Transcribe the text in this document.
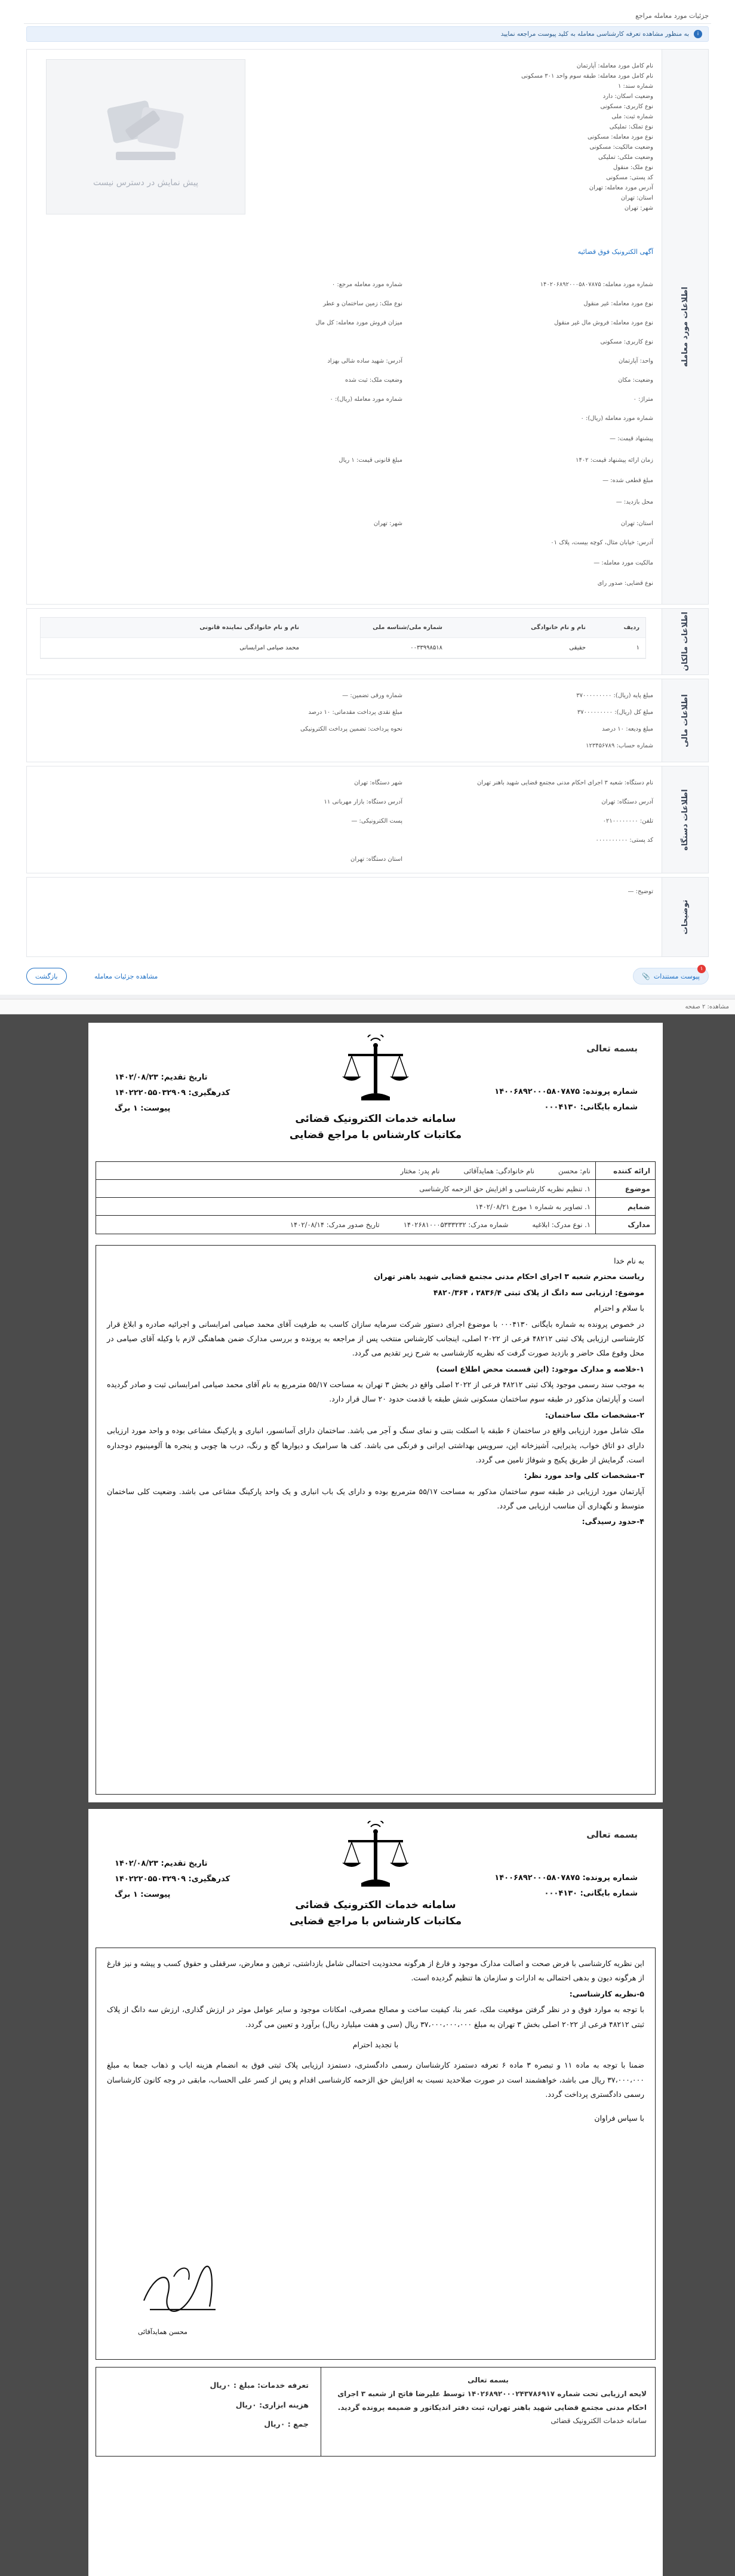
جزئیات مورد معامله مراجع
i
به منظور مشاهده تعرفه کارشناسی معامله به کلید پیوست مراجعه نمایید
اطلاعات مورد معامله
پیش نمایش در دسترس نیست
نام کامل مورد معامله: آپارتمان
نام کامل مورد معامله: طبقه سوم واحد ۳۰۱ مسکونی
شماره سند: ۱
وضعیت اسکان: دارد
نوع کاربری: مسکونی
شماره ثبت: ملی
نوع تملک: تملیکی
نوع مورد معامله: مسکونی
وضعیت مالکیت: مسکونی
وضعیت ملکی: تملیکی
نوع ملک: منقول
کد پستی: مسکونی
آدرس مورد معامله: تهران
استان: تهران
شهر: تهران
آگهی الکترونیک فوق قضائیه
شماره مورد معامله: ۱۴۰۲۰۶۸۹۲۰۰۰۵۸۰۷۸۷۵
نوع مورد معامله: غیر منقول
نوع مورد معامله: فروش مال غیر منقول
نوع کاربری: مسکونی
واحد: آپارتمان
وضعیت: مکان
متراژ: ۰
شماره مورد معامله (ریال): ۰
شماره مورد معامله مرجع: ۰
نوع ملک: زمین ساختمان و عطر
میزان فروش مورد معامله: کل مال
آدرس: شهید ساده شالی بهزاد
وضعیت ملک: ثبت شده
شماره مورد معامله (ریال): ۰
پیشنهاد قیمت: —
زمان ارائه پیشنهاد قیمت: ۱۴۰۲
مبلغ قطعی شده: —
محل بازدید: —
استان: تهران
آدرس: خیابان مثال، کوچه بیست، پلاک ۰۱
مالکیت مورد معامله: —
نوع قضایی: صدور رای
مبلغ قانونی قیمت: ۱ ریال
شهر: تهران
اطلاعات مالکان
ردیف
نام و نام خانوادگی
شماره ملی/شناسه ملی
نام و نام خانوادگی نماینده قانونی
۱
حقیقی
۰۰۳۳۹۹۸۵۱۸
محمد صیامی امرابسانی
اطلاعات مالی
مبلغ پایه (ریال): ۳۷۰۰۰۰۰۰۰۰۰
مبلغ کل (ریال): ۳۷۰۰۰۰۰۰۰۰۰
مبلغ ودیعه: ۱۰ درصد
شماره حساب: ۱۲۳۴۵۶۷۸۹
شماره ورقی تضمین: —
مبلغ نقدی پرداخت مقدماتی: ۱۰ درصد
نحوه پرداخت: تضمین پرداخت الکترونیکی
اطلاعات دستگاه
نام دستگاه: شعبه ۳ اجرای احکام مدنی مجتمع قضایی شهید باهنر تهران
آدرس دستگاه: تهران
تلفن: ۰۲۱۰۰۰۰۰۰۰۰
کد پستی: ۰۰۰۰۰۰۰۰۰۰
شهر دستگاه: تهران
آدرس دستگاه: بازار مهربانی ۱۱
پست الکترونیکی: —
استان دستگاه: تهران
توضیحات
توضیح: —
۱
پیوست مستندات
📎
مشاهده جزئیات معامله
بازگشت
مشاهده: ۲ صفحه
بسمه تعالی
شماره پرونده: ۱۴۰۰۶۸۹۲۰۰۰۵۸۰۷۸۷۵
شماره بایگانی: ۰۰۰۴۱۳۰
تاریخ تقدیم: ۱۴۰۲/۰۸/۲۳
کدرهگیری: ۱۴۰۲۲۲۰۵۵۰۳۲۹۰۹
پیوست: ۱ برگ
سامانه خدمات الکترونیک قضائی
مکاتبات کارشناس با مراجع قضایی
ارائه کننده
نام: محسن
نام خانوادگی: همایدآقائی
نام پدر: مختار
موضوع
۱. تنظیم نظریه کارشناسی و افزایش حق الزحمه کارشناسی
ضمایم
۱. تصاویر به شماره ۱ مورخ ۱۴۰۲/۰۸/۲۱
مدارک
۱. نوع مدرک: ابلاغیه
شماره مدرک: ۱۴۰۲۶۸۱۰۰۰۵۳۳۳۲۳۲
تاریخ صدور مدرک: ۱۴۰۲/۰۸/۱۴

به نام خدا

ریاست محترم شعبه ۳ اجرای احکام مدنی مجتمع قضایی شهید باهنر تهران

موضوع: ارزیابی سه دانگ از پلاک ثبتی ۲۸۳۶/۴ ، ۴۸۲۰/۳۶۴

با سلام و احترام

در خصوص پرونده به شماره بایگانی ۰۰۰۴۱۳۰ با موضوع اجرای دستور شرکت سرمایه سازان کاسب به طرفیت آقای محمد صیامی امرابسانی و اجرائیه صادره و ابلاغ قرار کارشناسی ارزیابی پلاک ثبتی ۴۸۲۱۲ فرعی از ۲۰۲۲ اصلی، اینجانب کارشناس منتخب پس از مراجعه به پرونده و بررسی مدارک ضمن هماهنگی لازم با وکیله آقای صیامی در محل وقوع ملک حاضر و بازدید صورت گرفت که نظریه کارشناسی به شرح زیر تقدیم می گردد.

۱-خلاصه و مدارک موجود: (این قسمت محض اطلاع است)

به موجب سند رسمی موجود پلاک ثبتی ۴۸۲۱۲ فرعی از ۲۰۲۲ اصلی واقع در بخش ۳ تهران به مساحت ۵۵/۱۷ مترمربع به نام آقای محمد صیامی امرابسانی ثبت و صادر گردیده است و آپارتمان مذکور در طبقه سوم ساختمان مسکونی شش طبقه با قدمت حدود ۲۰ سال قرار دارد.

۲-مشخصات ملک ساختمان:

ملک شامل مورد ارزیابی واقع در ساختمان ۶ طبقه با اسکلت بتنی و نمای سنگ و آجر می باشد. ساختمان دارای آسانسور، انباری و پارکینگ مشاعی بوده و واحد مورد ارزیابی دارای دو اتاق خواب، پذیرایی، آشپزخانه اپن، سرویس بهداشتی ایرانی و فرنگی می باشد. کف ها سرامیک و دیوارها گچ و رنگ، درب ها چوبی و پنجره ها آلومینیوم دوجداره است. گرمایش از طریق پکیج و شوفاژ تامین می گردد.

۳-مشخصات کلی واحد مورد نظر:

آپارتمان مورد ارزیابی در طبقه سوم ساختمان مذکور به مساحت ۵۵/۱۷ مترمربع بوده و دارای یک باب انباری و یک واحد پارکینگ مشاعی می باشد. وضعیت کلی ساختمان متوسط و نگهداری آن مناسب ارزیابی می گردد.

۴-حدود رسیدگی:

بسمه تعالی
شماره پرونده: ۱۴۰۰۶۸۹۲۰۰۰۵۸۰۷۸۷۵
شماره بایگانی: ۰۰۰۴۱۳۰
تاریخ تقدیم: ۱۴۰۲/۰۸/۲۳
کدرهگیری: ۱۴۰۲۲۲۰۵۵۰۳۲۹۰۹
پیوست: ۱ برگ
سامانه خدمات الکترونیک قضائی
مکاتبات کارشناس با مراجع قضایی

این نظریه کارشناسی با فرض صحت و اصالت مدارک موجود و فارغ از هرگونه محدودیت احتمالی شامل بازداشتی، ترهین و معارض، سرقفلی و حقوق کسب و پیشه و نیز فارغ از هرگونه دیون و بدهی احتمالی به ادارات و سازمان ها تنظیم گردیده است.

۵-نظریه کارشناسی:

با توجه به موارد فوق و در نظر گرفتن موقعیت ملک، عمر بنا، کیفیت ساخت و مصالح مصرفی، امکانات موجود و سایر عوامل موثر در ارزش گذاری، ارزش سه دانگ از پلاک ثبتی ۴۸۲۱۲ فرعی از ۲۰۲۲ اصلی بخش ۳ تهران به مبلغ ۳۷،۰۰۰،۰۰۰،۰۰۰ ریال (سی و هفت میلیارد ریال) برآورد و تعیین می گردد.

با تجدید احترام

ضمنا با توجه به ماده ۱۱ و تبصره ۳ ماده ۶ تعرفه دستمزد کارشناسان رسمی دادگستری، دستمزد ارزیابی پلاک ثبتی فوق به انضمام هزینه ایاب و ذهاب جمعا به مبلغ ۳۷،۰۰۰،۰۰۰ ریال می باشد، خواهشمند است در صورت صلاحدید نسبت به افزایش حق الزحمه کارشناسی اقدام و پس از کسر علی الحساب، مابقی در وجه کانون کارشناسان رسمی دادگستری پرداخت گردد.

با سپاس فراوان

محسن همایدآقائی
بسمه تعالی
لایحه ارزیابی تحت شماره ۱۴۰۲۶۸۹۲۰۰۰۲۴۳۷۸۶۹۱۷ توسط علیرضا فاتح از شعبه ۳ اجرای احکام مدنی مجتمع قضایی شهید باهنر تهران، ثبت دفتر اندیکاتور و ضمیمه پرونده گردید.
سامانه خدمات الکترونیک قضائی
تعرفه خدمات: مبلغ : ۰ریال
هزینه ابزاری: ۰ریال
جمع : ۰ریال
